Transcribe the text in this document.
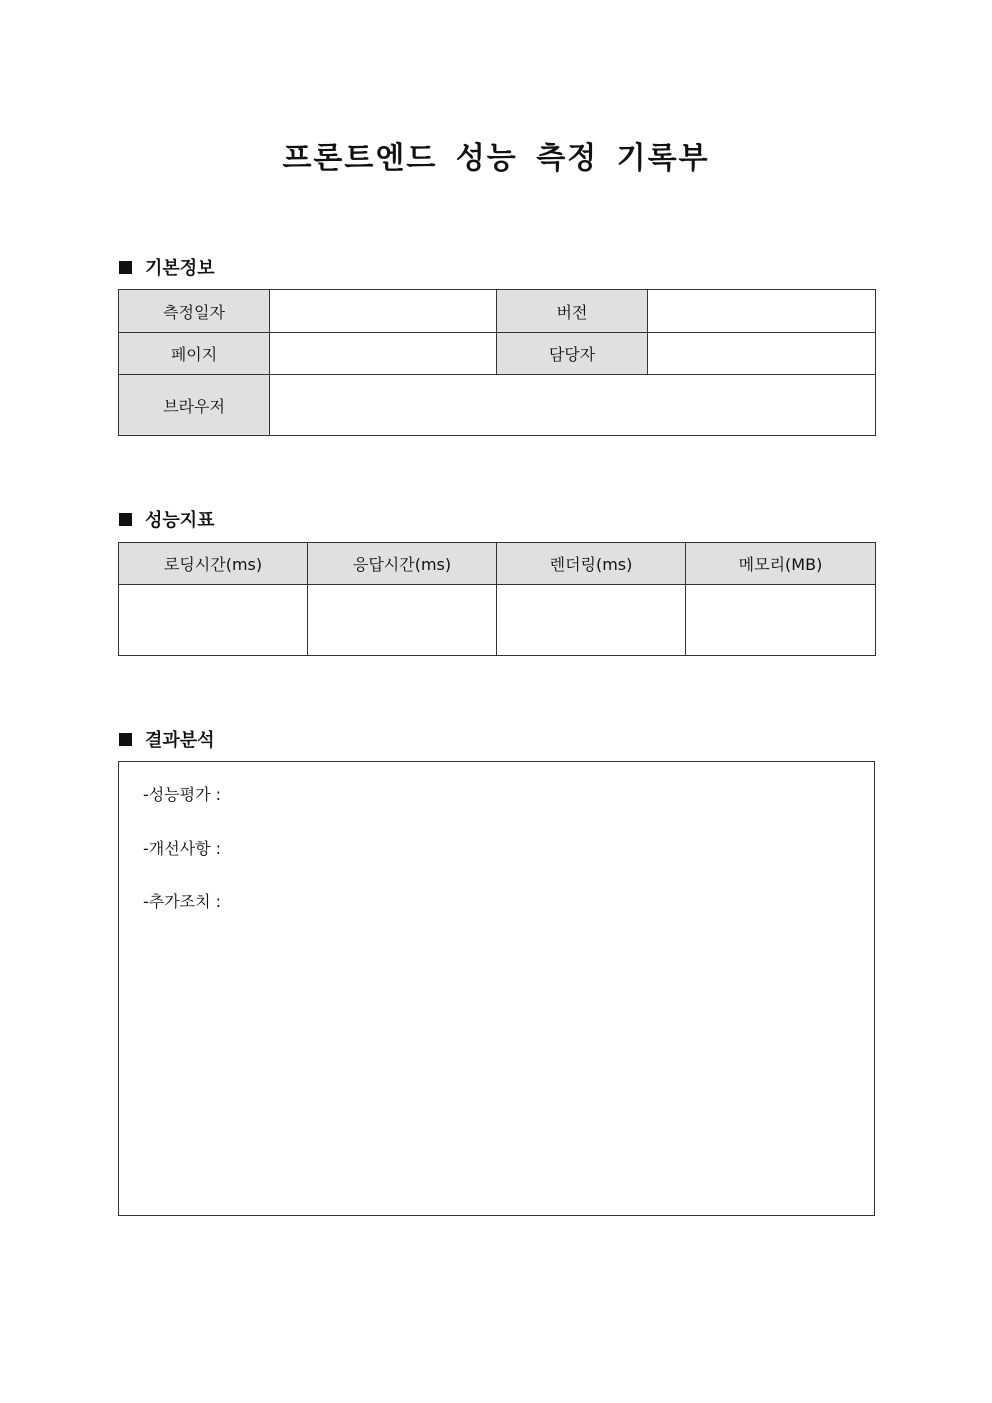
프론트엔드 성능 측정 기록부
기본정보
측정일자		버전	
페이지		담당자	
브라우저			
성능지표
로딩시간(ms)	응답시간(ms)	렌더링(ms)	메모리(MB)

결과분석
-성능평가 :
-개선사항 :
-추가조치 :
